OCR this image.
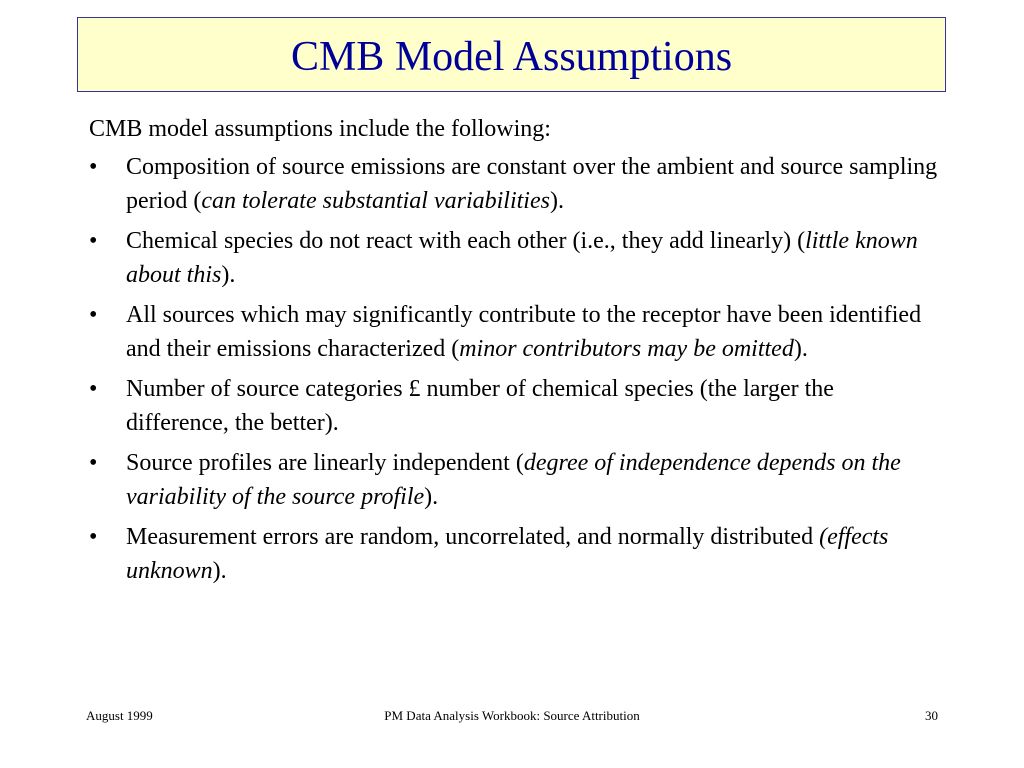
CMB Model Assumptions

CMB model assumptions include the following:

•	Composition of source emissions are constant over the ambient and source sampling period (can tolerate substantial variabilities).

•	Chemical species do not react with each other (i.e., they add linearly) (little known about this).

•	All sources which may significantly contribute to the receptor have been identified and their emissions characterized (minor contributors may be omitted).

•	Number of source categories £ number of chemical species (the larger the difference, the better).

•	Source profiles are linearly independent (degree of independence depends on the variability of the source profile).

•	Measurement errors are random, uncorrelated, and normally distributed (effects unknown).

August 1999	PM Data Analysis Workbook: Source Attribution	30
